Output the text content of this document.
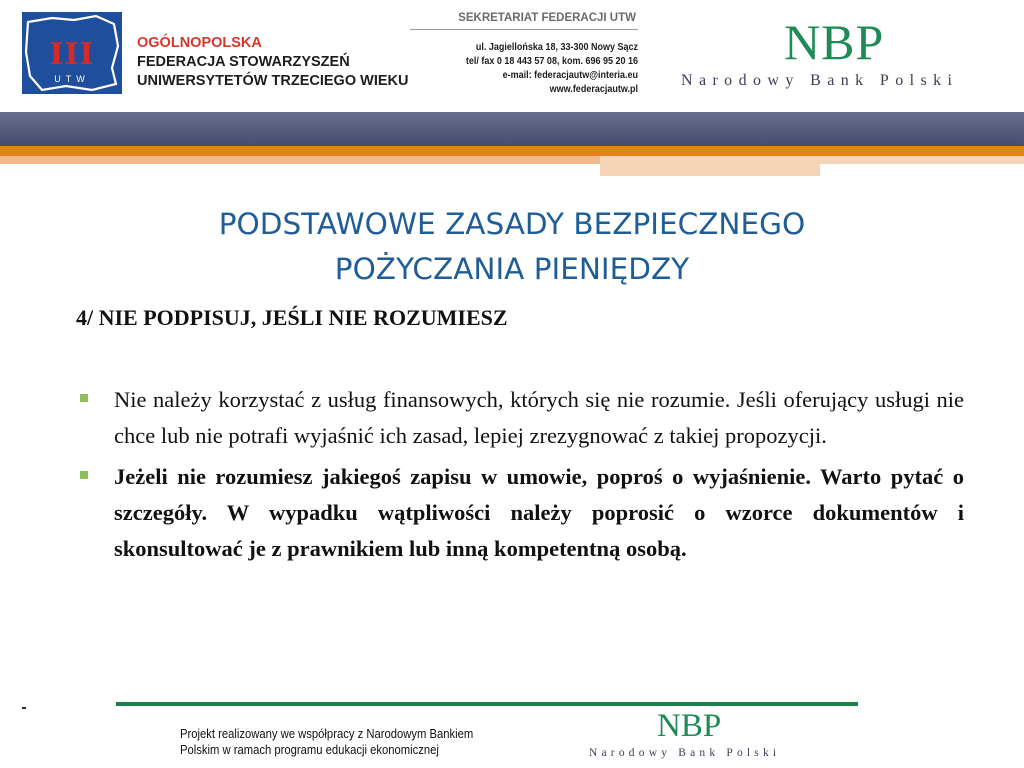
III
UTW
OGÓLNOPOLSKA
FEDERACJA STOWARZYSZEŃ
UNIWERSYTETÓW TRZECIEGO WIEKU
SEKRETARIAT FEDERACJI UTW
ul. Jagiellońska 18, 33-300 Nowy Sącz
tel/ fax 0 18 443 57 08, kom. 696 95 20 16
e-mail: federacjautw@interia.eu
www.federacjautw.pl
NBP
Narodowy Bank Polski
PODSTAWOWE ZASADY BEZPIECZNEGO
POŻYCZANIA PIENIĘDZY
4/ NIE PODPISUJ, JEŚLI NIE ROZUMIESZ
Nie należy korzystać z usług finansowych, których się nie rozumie. Jeśli oferujący usługi nie chce lub nie potrafi wyjaśnić ich zasad, lepiej zrezygnować z takiej propozycji.
Jeżeli nie rozumiesz jakiegoś zapisu w umowie, poproś o wyjaśnienie. Warto pytać o szczegóły. W wypadku wątpliwości należy poprosić o wzorce dokumentów i skonsultować je z prawnikiem lub inną kompetentną osobą.
Projekt realizowany we współpracy z Narodowym Bankiem
Polskim w ramach programu edukacji ekonomicznej
NBP
Narodowy Bank Polski
